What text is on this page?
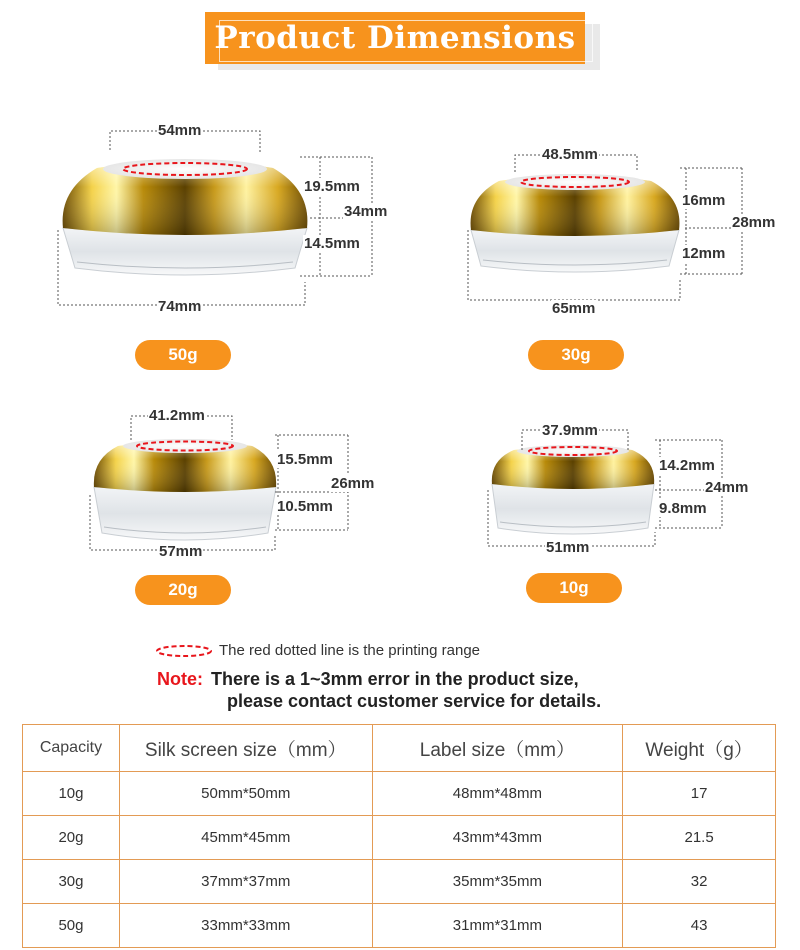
Product Dimensions
54mm
19.5mm
34mm
14.5mm
74mm
50g
48.5mm
16mm
28mm
12mm
65mm
30g
41.2mm
15.5mm
26mm
10.5mm
57mm
20g
37.9mm
14.2mm
24mm
9.8mm
51mm
10g
The red dotted line is the printing range
Note: There is a 1~3mm error in the product size,
please contact customer service for details.
Capacity	Silk screen size（mm）	Label size（mm）	Weight（g）
10g	50mm*50mm	48mm*48mm	17
20g	45mm*45mm	43mm*43mm	21.5
30g	37mm*37mm	35mm*35mm	32
50g	33mm*33mm	31mm*31mm	43
